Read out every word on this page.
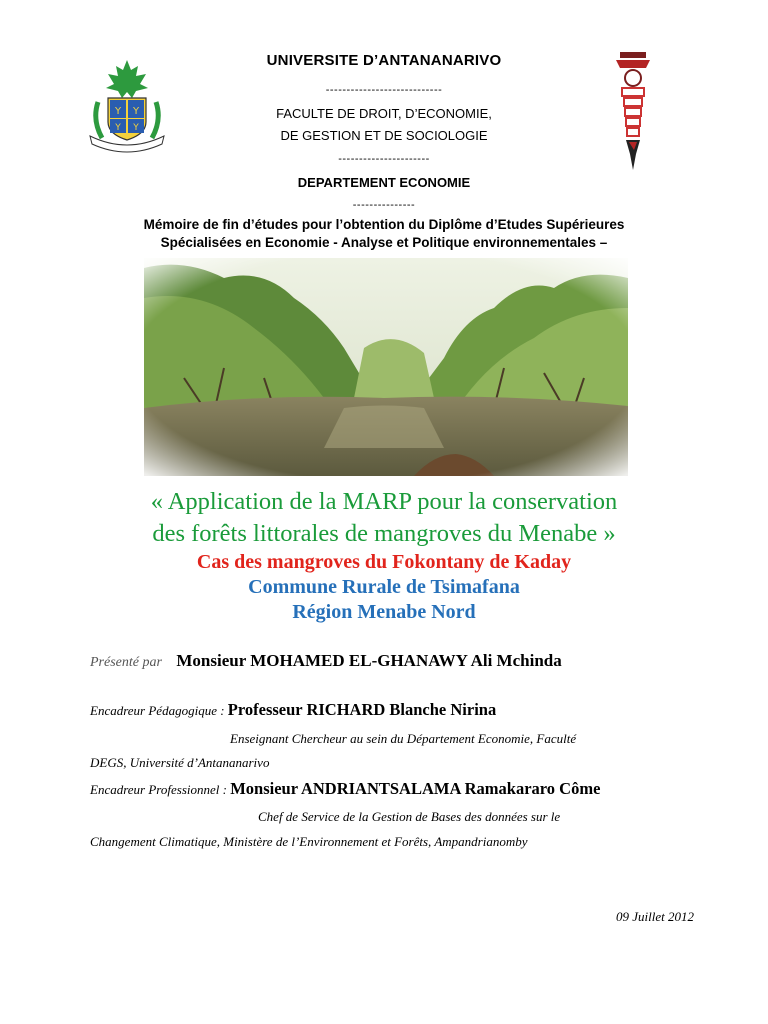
Y Y
Y Y
UNIVERSITE D’ANTANANARIVO
----------------------------
FACULTE DE DROIT, D’ECONOMIE,
DE GESTION ET DE SOCIOLOGIE
----------------------
DEPARTEMENT ECONOMIE
---------------
Mémoire de fin d’études pour l’obtention du Diplôme d’Etudes Supérieures
Spécialisées en Economie - Analyse et Politique environnementales –
« Application de la MARP pour la conservation
des forêts littorales de mangroves du Menabe »
Cas des mangroves du Fokontany de Kaday
Commune Rurale de Tsimafana
Région Menabe Nord
Présenté par Monsieur MOHAMED EL-GHANAWY Ali Mchinda
Encadreur Pédagogique : Professeur RICHARD Blanche Nirina
Enseignant Chercheur au sein du Département Economie, Faculté
DEGS, Université d’Antananarivo
Encadreur Professionnel : Monsieur ANDRIANTSALAMA Ramakararo Côme
Chef de Service de la Gestion de Bases des données sur le
Changement Climatique, Ministère de l’Environnement et Forêts, Ampandrianomby
09 Juillet 2012
